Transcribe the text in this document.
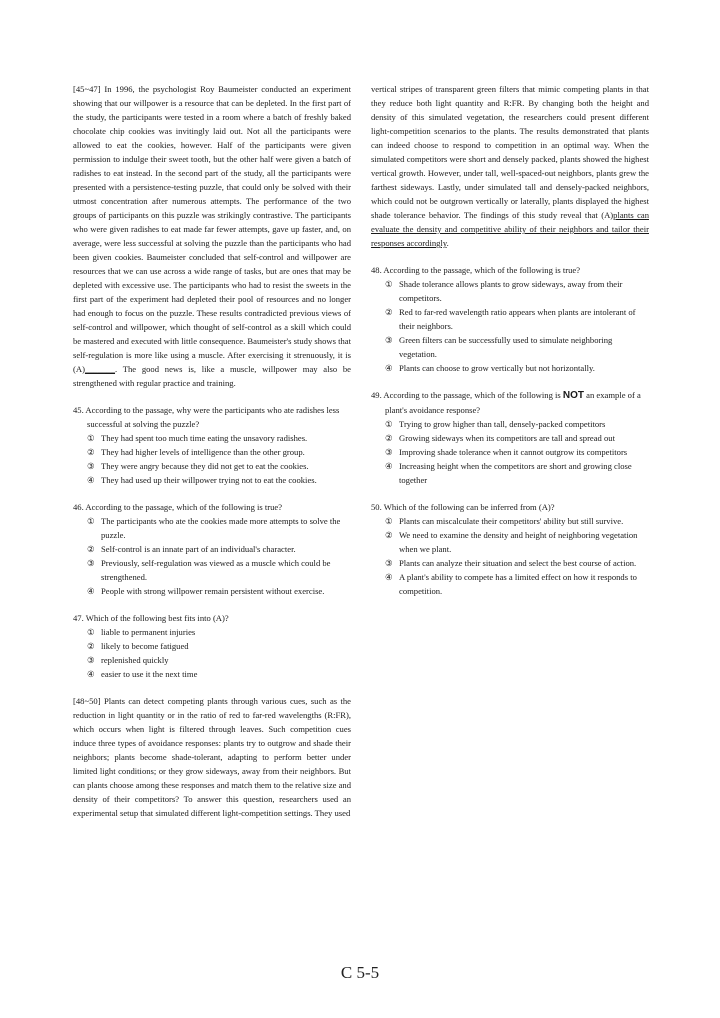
[45~47] In 1996, the psychologist Roy Baumeister conducted an experiment showing that our willpower is a resource that can be depleted. In the first part of the study, the participants were tested in a room where a batch of freshly baked chocolate chip cookies was invitingly laid out. Not all the participants were allowed to eat the cookies, however. Half of the participants were given permission to indulge their sweet tooth, but the other half were given a batch of radishes to eat instead. In the second part of the study, all the participants were presented with a persistence-testing puzzle, that could only be solved with their utmost concentration after numerous attempts. The performance of the two groups of participants on this puzzle was strikingly contrastive. The participants who were given radishes to eat made far fewer attempts, gave up faster, and, on average, were less successful at solving the puzzle than the participants who had been given cookies. Baumeister concluded that self-control and willpower are resources that we can use across a wide range of tasks, but are ones that may be depleted with excessive use. The participants who had to resist the sweets in the first part of the experiment had depleted their pool of resources and no longer had enough to focus on the puzzle. These results contradicted previous views of self-control and willpower, which thought of self-control as a skill which could be mastered and executed with little consequence. Baumeister's study shows that self-regulation is more like using a muscle. After exercising it strenuously, it is (A)_______. The good news is, like a muscle, willpower may also be strengthened with regular practice and training.

45. According to the passage, why were the participants who ate radishes less successful at solving the puzzle?
① They had spent too much time eating the unsavory radishes.
② They had higher levels of intelligence than the other group.
③ They were angry because they did not get to eat the cookies.
④ They had used up their willpower trying not to eat the cookies.
46. According to the passage, which of the following is true?
① The participants who ate the cookies made more attempts to solve the puzzle.
② Self-control is an innate part of an individual's character.
③ Previously, self-regulation was viewed as a muscle which could be strengthened.
④ People with strong willpower remain persistent without exercise.
47. Which of the following best fits into (A)?
① liable to permanent injuries
② likely to become fatigued
③ replenished quickly
④ easier to use it the next time

[48~50] Plants can detect competing plants through various cues, such as the reduction in light quantity or in the ratio of red to far-red wavelengths (R:FR), which occurs when light is filtered through leaves. Such competition cues induce three types of avoidance responses: plants try to outgrow and shade their neighbors; plants become shade-tolerant, adapting to perform better under limited light conditions; or they grow sideways, away from their neighbors. But can plants choose among these responses and match them to the relative size and density of their competitors? To answer this question, researchers used an experimental setup that simulated different light-competition settings. They used

vertical stripes of transparent green filters that mimic competing plants in that they reduce both light quantity and R:FR. By changing both the height and density of this simulated vegetation, the researchers could present different light-competition scenarios to the plants. The results demonstrated that plants can indeed choose to respond to competition in an optimal way. When the simulated competitors were short and densely packed, plants showed the highest vertical growth. However, under tall, well-spaced-out neighbors, plants grew the farthest sideways. Lastly, under simulated tall and densely-packed neighbors, which could not be outgrown vertically or laterally, plants displayed the highest shade tolerance behavior. The findings of this study reveal that (A)plants can evaluate the density and competitive ability of their neighbors and tailor their responses accordingly.

48. According to the passage, which of the following is true?
① Shade tolerance allows plants to grow sideways, away from their competitors.
② Red to far-red wavelength ratio appears when plants are intolerant of their neighbors.
③ Green filters can be successfully used to simulate neighboring vegetation.
④ Plants can choose to grow vertically but not horizontally.
49. According to the passage, which of the following is NOT an example of a plant's avoidance response?
① Trying to grow higher than tall, densely-packed competitors
② Growing sideways when its competitors are tall and spread out
③ Improving shade tolerance when it cannot outgrow its competitors
④ Increasing height when the competitors are short and growing close together
50. Which of the following can be inferred from (A)?
① Plants can miscalculate their competitors' ability but still survive.
② We need to examine the density and height of neighboring vegetation when we plant.
③ Plants can analyze their situation and select the best course of action.
④ A plant's ability to compete has a limited effect on how it responds to competition.
C 5-5
